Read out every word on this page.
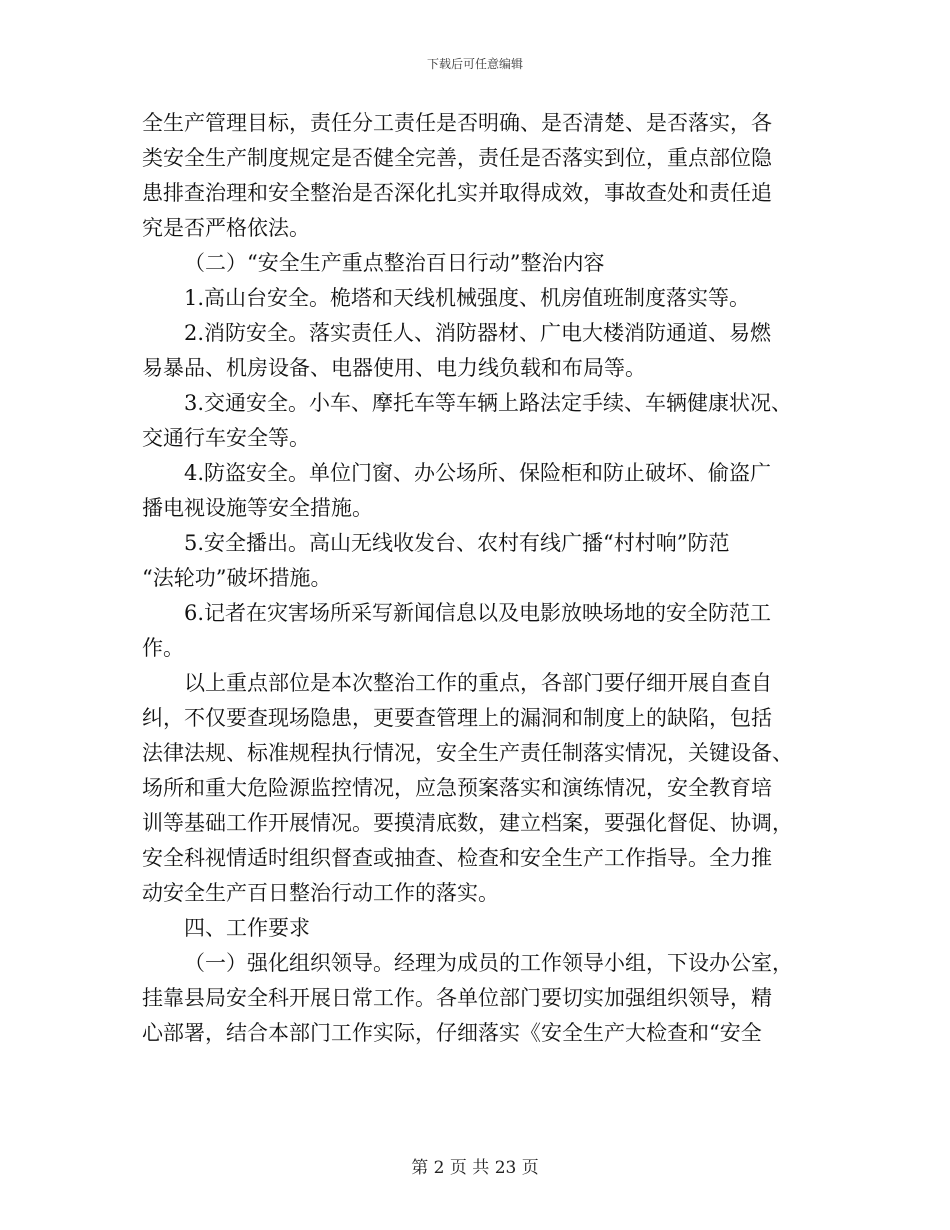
下载后可任意编辑

全生产管理目标，责任分工责任是否明确、是否清楚、是否落实，各
类安全生产制度规定是否健全完善，责任是否落实到位，重点部位隐
患排查治理和安全整治是否深化扎实并取得成效，事故查处和责任追
究是否严格依法。

（二）“安全生产重点整治百日行动”整治内容

1.高山台安全。桅塔和天线机械强度、机房值班制度落实等。

2.消防安全。落实责任人、消防器材、广电大楼消防通道、易燃
易暴品、机房设备、电器使用、电力线负载和布局等。

3.交通安全。小车、摩托车等车辆上路法定手续、车辆健康状况、
交通行车安全等。

4.防盗安全。单位门窗、办公场所、保险柜和防止破坏、偷盗广
播电视设施等安全措施。

5.安全播出。高山无线收发台、农村有线广播“村村响”防范
“法轮功”破坏措施。

6.记者在灾害场所采写新闻信息以及电影放映场地的安全防范工
作。

以上重点部位是本次整治工作的重点，各部门要仔细开展自查自
纠，不仅要查现场隐患，更要查管理上的漏洞和制度上的缺陷，包括
法律法规、标准规程执行情况，安全生产责任制落实情况，关键设备、
场所和重大危险源监控情况，应急预案落实和演练情况，安全教育培
训等基础工作开展情况。要摸清底数，建立档案，要强化督促、协调，
安全科视情适时组织督查或抽查、检查和安全生产工作指导。全力推
动安全生产百日整治行动工作的落实。

四、工作要求

（一）强化组织领导。经理为成员的工作领导小组，下设办公室，
挂靠县局安全科开展日常工作。各单位部门要切实加强组织领导，精
心部署，结合本部门工作实际，仔细落实《安全生产大检查和“安全

第 2 页 共 23 页
